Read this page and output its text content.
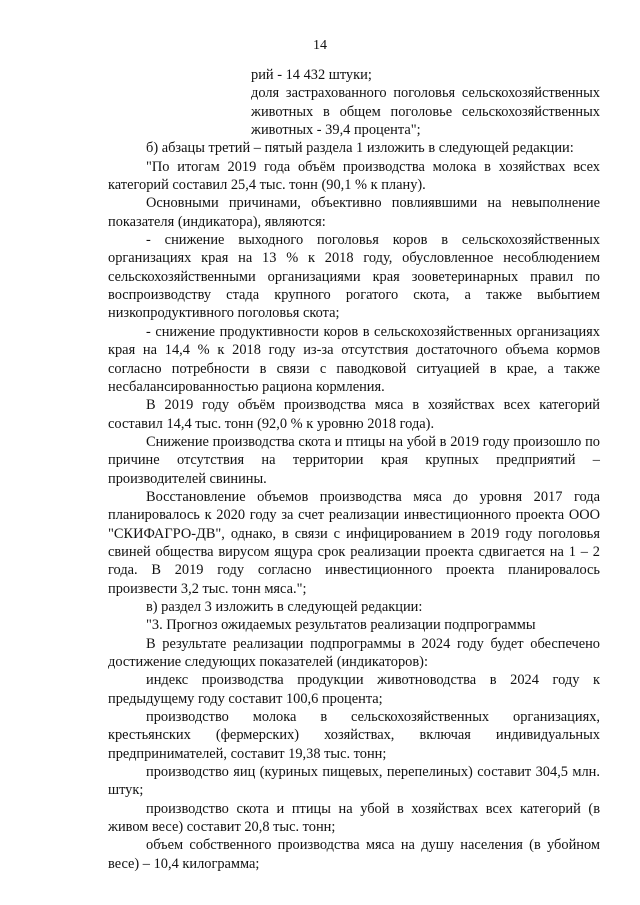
14

рий - 14 432 штуки;

доля застрахованного поголовья сельскохозяйственных животных в общем поголовье сельскохозяйственных животных - 39,4 процента";

б) абзацы третий – пятый раздела 1 изложить в следующей редакции:

"По итогам 2019 года объём производства молока в хозяйствах всех категорий составил 25,4 тыс. тонн (90,1 % к плану).

Основными причинами, объективно повлиявшими на невыполнение показателя (индикатора), являются:

- снижение выходного поголовья коров в сельскохозяйственных организациях края на 13 % к 2018 году, обусловленное несоблюдением сельскохозяйственными организациями края зооветеринарных правил по воспроизводству стада крупного рогатого скота, а также выбытием низкопродуктивного поголовья скота;

- снижение продуктивности коров в сельскохозяйственных организациях края на 14,4 % к 2018 году из-за отсутствия достаточного объема кормов согласно потребности в связи с паводковой ситуацией в крае, а также несбалансированностью рациона кормления.

В 2019 году объём производства мяса в хозяйствах всех категорий составил 14,4 тыс. тонн (92,0 % к уровню 2018 года).

Снижение производства скота и птицы на убой в 2019 году произошло по причине отсутствия на территории края крупных предприятий – производителей свинины.

Восстановление объемов производства мяса до уровня 2017 года планировалось к 2020 году за счет реализации инвестиционного проекта ООО "СКИФАГРО-ДВ", однако, в связи с инфицированием в 2019 году поголовья свиней общества вирусом ящура срок реализации проекта сдвигается на 1 – 2 года. В 2019 году согласно инвестиционного проекта планировалось произвести 3,2 тыс. тонн мяса.";

в) раздел 3 изложить в следующей редакции:

"3. Прогноз ожидаемых результатов реализации подпрограммы

В результате реализации подпрограммы в 2024 году будет обеспечено достижение следующих показателей (индикаторов):

индекс производства продукции животноводства в 2024 году к предыдущему году составит 100,6 процента;

производство молока в сельскохозяйственных организациях, крестьянских (фермерских) хозяйствах, включая индивидуальных предпринимателей, составит 19,38 тыс. тонн;

производство яиц (куриных пищевых, перепелиных) составит 304,5 млн. штук;

производство скота и птицы на убой в хозяйствах всех категорий (в живом весе) составит 20,8 тыс. тонн;

объем собственного производства мяса на душу населения (в убойном весе) – 10,4 килограмма;
